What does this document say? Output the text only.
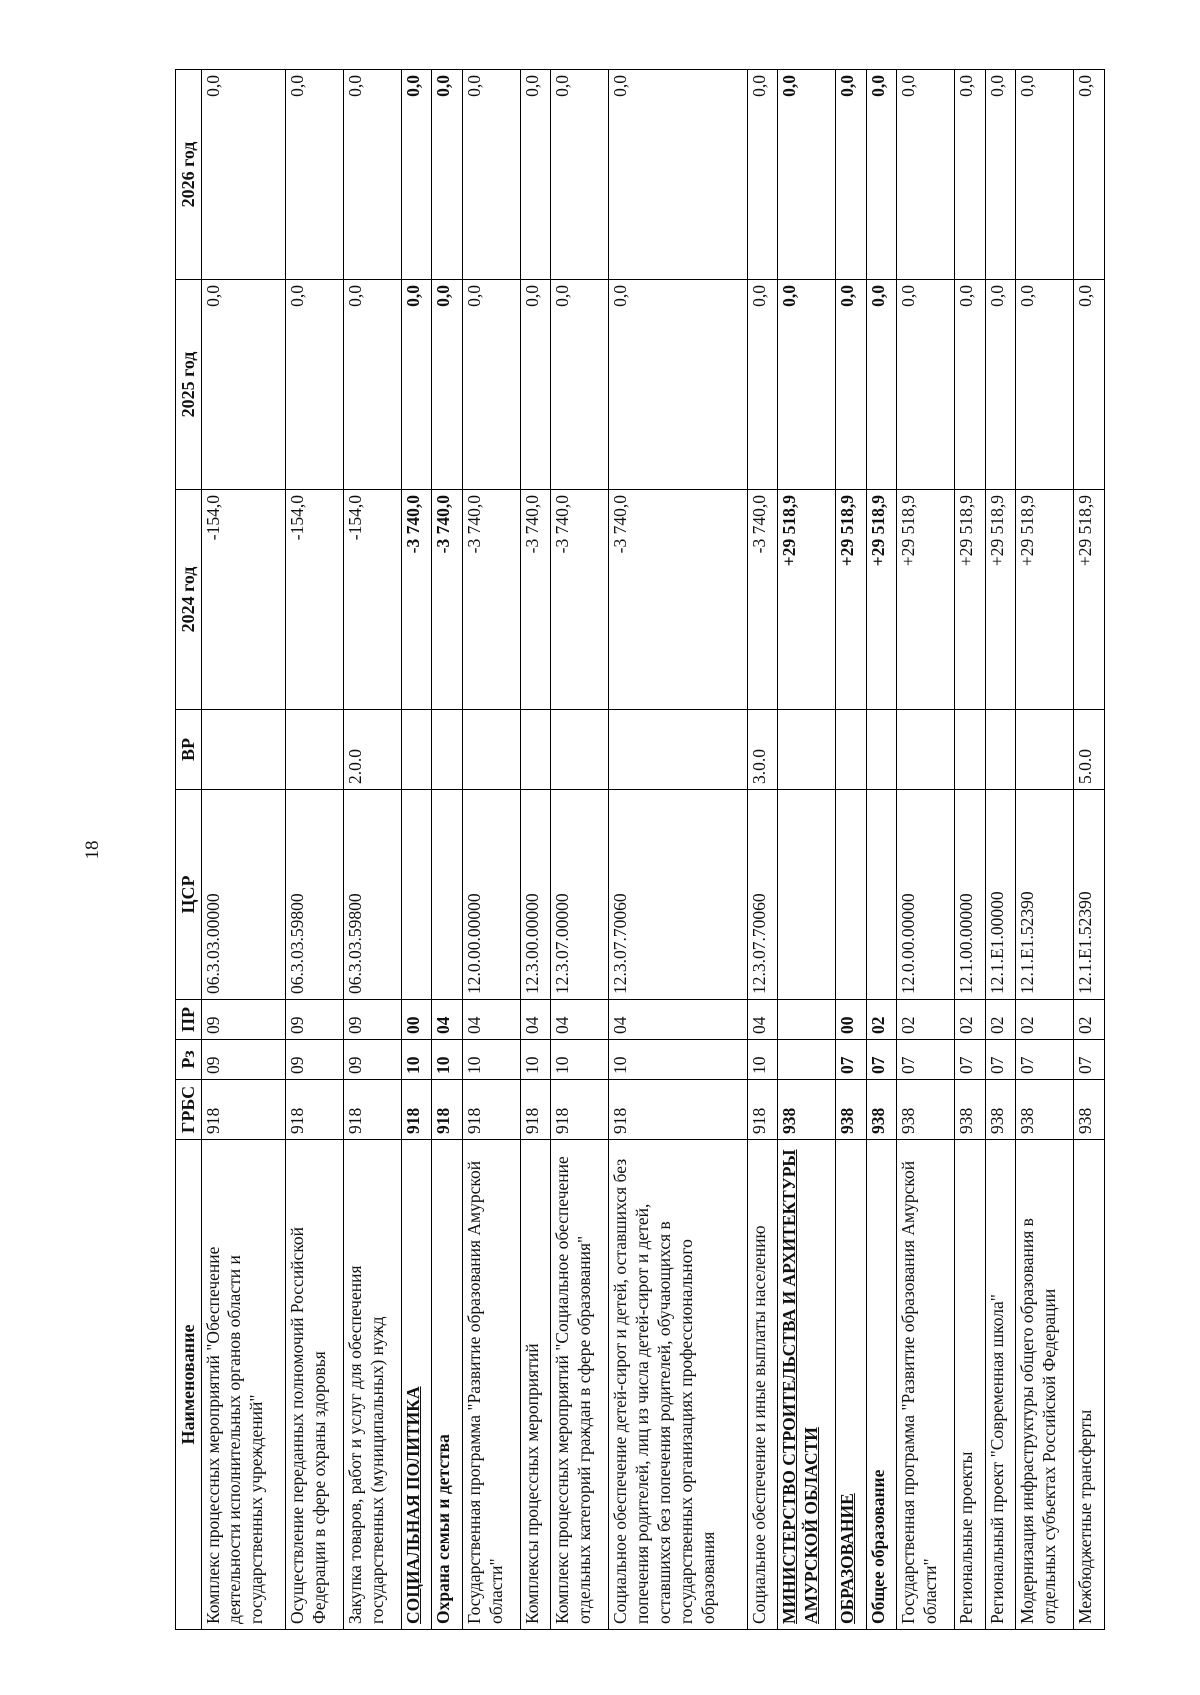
18
Наименование	ГРБС	Рз	ПР	ЦСР	ВР	2024 год	2025 год	2026 год
Комплекс процессных мероприятий "Обеспечение деятельности исполнительных органов области и государственных учреждений"	918	09	09	06.3.03.00000		-154,0	0,0	0,0
Осуществление переданных полномочий Российской Федерации в сфере охраны здоровья	918	09	09	06.3.03.59800		-154,0	0,0	0,0
Закупка товаров, работ и услуг для обеспечения государственных (муниципальных) нужд	918	09	09	06.3.03.59800	2.0.0	-154,0	0,0	0,0
СОЦИАЛЬНАЯ ПОЛИТИКА	918	10	00			-3 740,0	0,0	0,0
Охрана семьи и детства	918	10	04			-3 740,0	0,0	0,0
Государственная программа "Развитие образования Амурской области"	918	10	04	12.0.00.00000		-3 740,0	0,0	0,0
Комплексы процессных мероприятий	918	10	04	12.3.00.00000		-3 740,0	0,0	0,0
Комплекс процессных мероприятий "Социальное обеспечение отдельных категорий граждан в сфере образования"	918	10	04	12.3.07.00000		-3 740,0	0,0	0,0
Социальное обеспечение детей-сирот и детей, оставшихся без попечения родителей, лиц из числа детей-сирот и детей, оставшихся без попечения родителей, обучающихся в государственных организациях профессионального образования	918	10	04	12.3.07.70060		-3 740,0	0,0	0,0
Социальное обеспечение и иные выплаты населению	918	10	04	12.3.07.70060	3.0.0	-3 740,0	0,0	0,0
МИНИСТЕРСТВО СТРОИТЕЛЬСТВА И АРХИТЕКТУРЫ АМУРСКОЙ ОБЛАСТИ	938					+29 518,9	0,0	0,0
ОБРАЗОВАНИЕ	938	07	00			+29 518,9	0,0	0,0
Общее образование	938	07	02			+29 518,9	0,0	0,0
Государственная программа "Развитие образования Амурской области"	938	07	02	12.0.00.00000		+29 518,9	0,0	0,0
Региональные проекты	938	07	02	12.1.00.00000		+29 518,9	0,0	0,0
Региональный проект "Современная школа"	938	07	02	12.1.E1.00000		+29 518,9	0,0	0,0
Модернизация инфраструктуры общего образования в отдельных субъектах Российской Федерации	938	07	02	12.1.E1.52390		+29 518,9	0,0	0,0
Межбюджетные трансферты	938	07	02	12.1.E1.52390	5.0.0	+29 518,9	0,0	0,0
